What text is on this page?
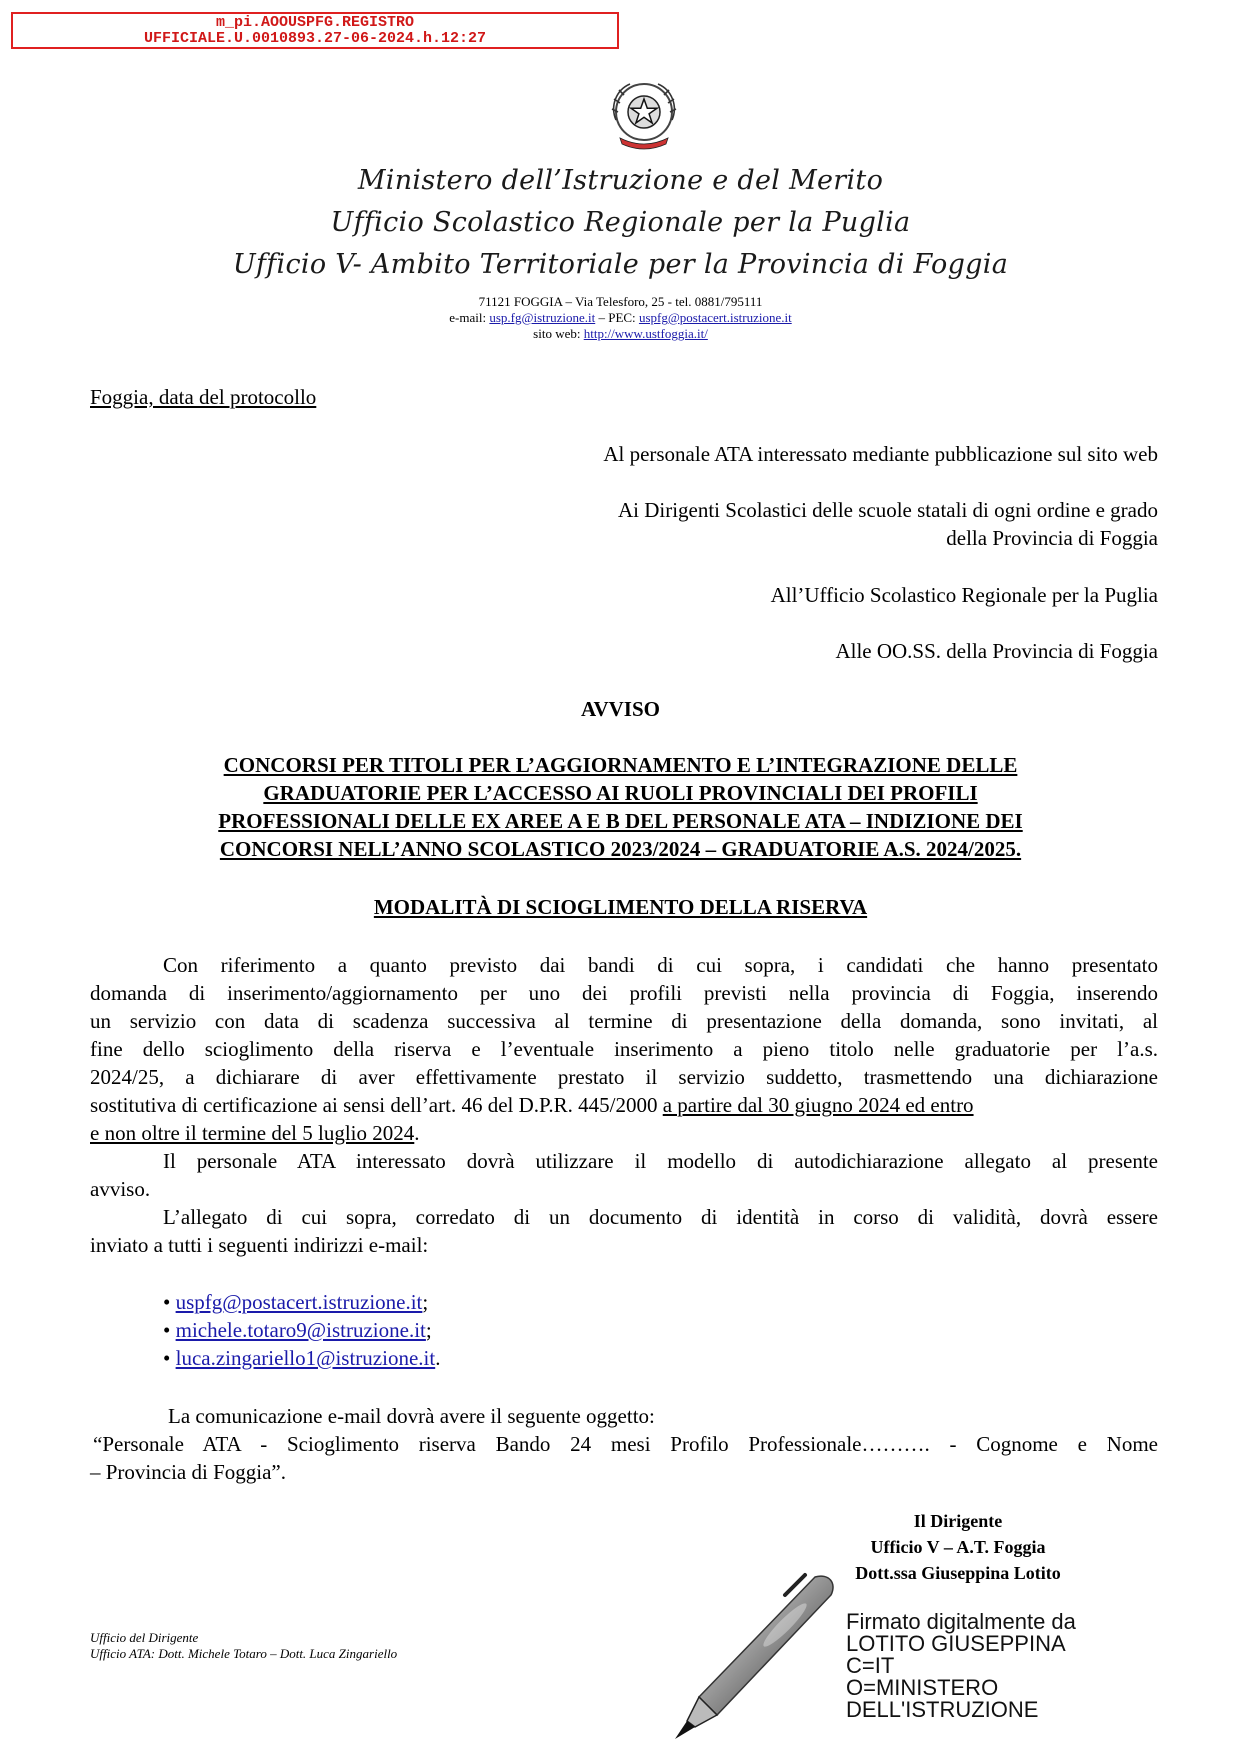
m_pi.AOOUSPFG.REGISTRO
UFFICIALE.U.0010893.27-06-2024.h.12:27
Ministero dell’Istruzione e del Merito
Ufficio Scolastico Regionale per la Puglia
Ufficio V- Ambito Territoriale per la Provincia di Foggia
71121 FOGGIA – Via Telesforo, 25 - tel. 0881/795111
e-mail: usp.fg@istruzione.it – PEC: uspfg@postacert.istruzione.it
sito web: http://www.ustfoggia.it/
Foggia, data del protocollo
Al personale ATA interessato mediante pubblicazione sul sito web
Ai Dirigenti Scolastici delle scuole statali di ogni ordine e grado
della Provincia di Foggia
All’Ufficio Scolastico Regionale per la Puglia
Alle OO.SS. della Provincia di Foggia
AVVISO
CONCORSI PER TITOLI PER L’AGGIORNAMENTO E L’INTEGRAZIONE DELLE
GRADUATORIE PER L’ACCESSO AI RUOLI PROVINCIALI DEI PROFILI
PROFESSIONALI DELLE EX AREE A E B DEL PERSONALE ATA – INDIZIONE DEI
CONCORSI NELL’ANNO SCOLASTICO 2023/2024 – GRADUATORIE A.S. 2024/2025.
MODALITÀ DI SCIOGLIMENTO DELLA RISERVA
Con riferimento a quanto previsto dai bandi di cui sopra, i candidati che hanno presentato
domanda di inserimento/aggiornamento per uno dei profili previsti nella provincia di Foggia, inserendo
un servizio con data di scadenza successiva al termine di presentazione della domanda, sono invitati, al
fine dello scioglimento della riserva e l’eventuale inserimento a pieno titolo nelle graduatorie per l’a.s.
2024/25, a dichiarare di aver effettivamente prestato il servizio suddetto, trasmettendo una dichiarazione
sostitutiva di certificazione ai sensi dell’art. 46 del D.P.R. 445/2000 a partire dal 30 giugno 2024 ed entro
e non oltre il termine del 5 luglio 2024.
Il personale ATA interessato dovrà utilizzare il modello di autodichiarazione allegato al presente
avviso.
L’allegato di cui sopra, corredato di un documento di identità in corso di validità, dovrà essere
inviato a tutti i seguenti indirizzi e-mail:
• uspfg@postacert.istruzione.it;
• michele.totaro9@istruzione.it;
• luca.zingariello1@istruzione.it.
La comunicazione e-mail dovrà avere il seguente oggetto:
“Personale ATA - Scioglimento riserva Bando 24 mesi Profilo Professionale………. - Cognome e Nome
– Provincia di Foggia”.
Il Dirigente
Ufficio V – A.T. Foggia
Dott.ssa Giuseppina Lotito
Firmato digitalmente da
LOTITO GIUSEPPINA
C=IT
O=MINISTERO
DELL'ISTRUZIONE
Ufficio del Dirigente
Ufficio ATA: Dott. Michele Totaro – Dott. Luca Zingariello
